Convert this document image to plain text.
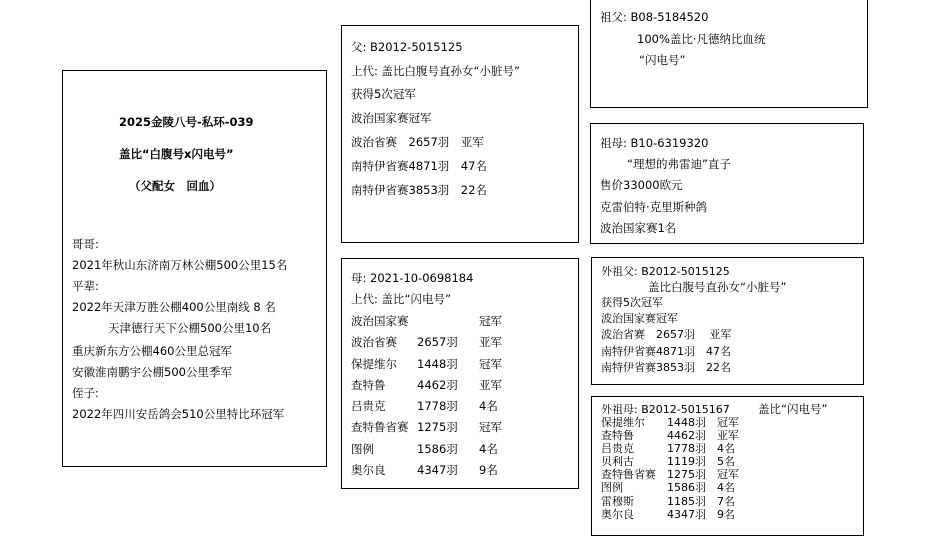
2025金陵八号-私环-039
盖比“白腹号x闪电号”
（父配女　回血）
哥哥:
2021年秋山东济南万林公棚500公里15名
平辈:
2022年天津万胜公棚400公里南线 8 名
天津德行天下公棚500公里10名
重庆新东方公棚460公里总冠军
安徽淮南鹏宇公棚500公里季军
侄子:
2022年四川安岳鸽会510公里特比环冠军
父: B2012-5015125
上代: 盖比白腹号直孙女“小脏号”
获得5次冠军
波治国家赛冠军
波治省赛　2657羽　亚军
南特伊省赛4871羽　47名
南特伊省赛3853羽　22名
母: 2021-10-0698184
上代: 盖比“闪电号”
波治国家赛		冠军
波治省赛	2657羽	亚军
保提维尔	1448羽	冠军
查特鲁	4462羽	亚军
吕贵克	1778羽	4名
查特鲁省赛	1275羽	冠军
图例	1586羽	4名
奥尔良	4347羽	9名
祖父: B08-5184520
100%盖比·凡德纳比血统
“闪电号”
祖母: B10-6319320
“理想的弗雷迪”直子
售价33000欧元
克雷伯特·克里斯种鸽
波治国家赛1名
外祖父: B2012-5015125
盖比白腹号直孙女“小脏号”
获得5次冠军
波治国家赛冠军
波治省赛　2657羽　 亚军
南特伊省赛4871羽　47名
南特伊省赛3853羽　22名
外祖母: B2012-5015167 盖比“闪电号”
保提维尔	1448羽	冠军
查特鲁	4462羽	亚军
吕贵克	1778羽	4名
贝利古	1119羽	5名
查特鲁省赛	1275羽	冠军
图例	1586羽	4名
雷穆斯	1185羽	7名
奥尔良	4347羽	9名
